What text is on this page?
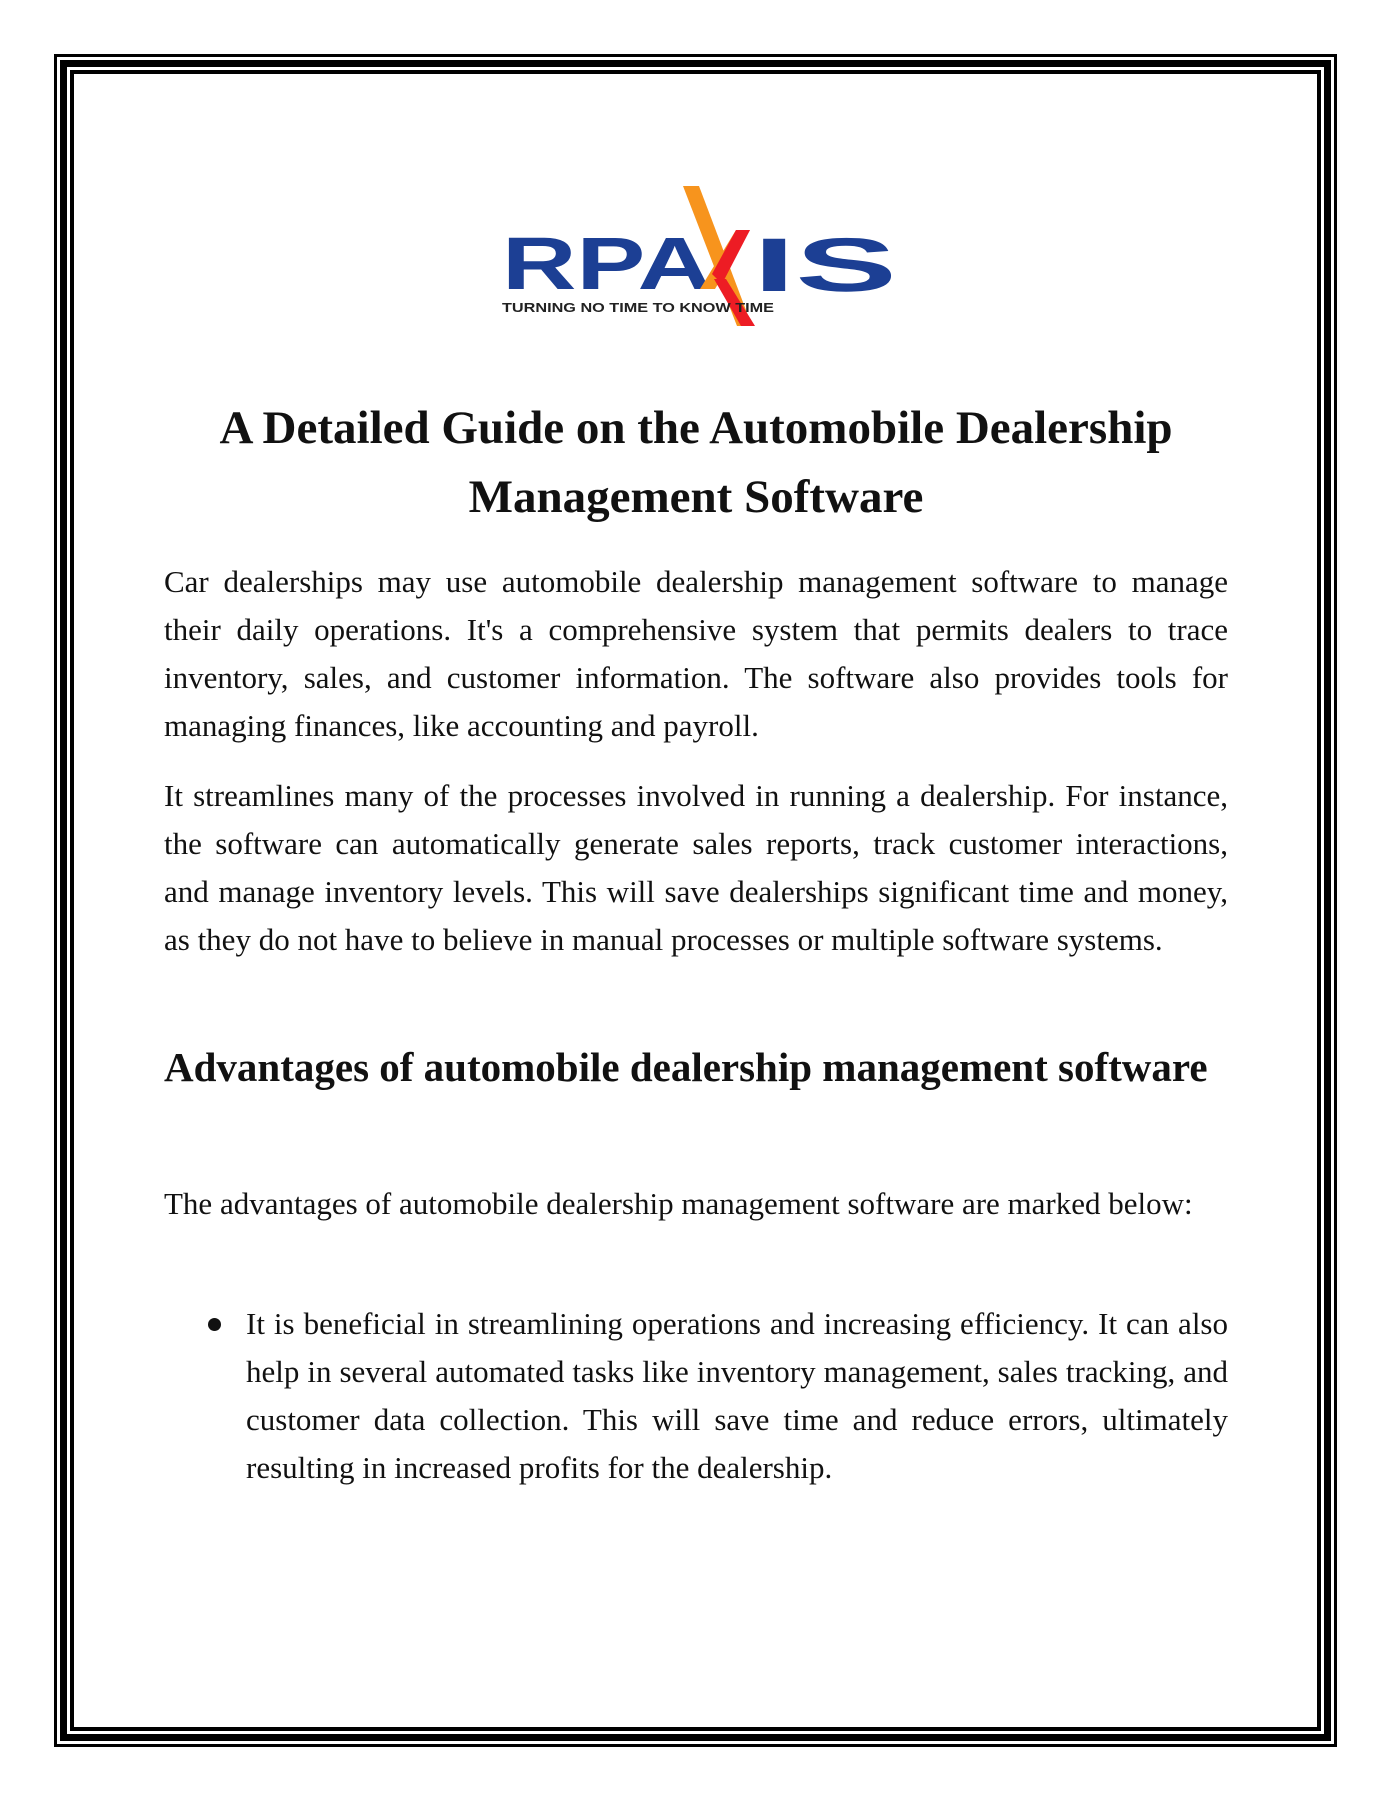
RPA IS
TURNING NO TIME TO KNOW TIME
A Detailed Guide on the Automobile Dealership Management Software

Car dealerships may use automobile dealership management software to manage their daily operations. It's a comprehensive system that permits dealers to trace inventory, sales, and customer information. The software also provides tools for managing finances, like accounting and payroll.

It streamlines many of the processes involved in running a dealership. For instance, the software can automatically generate sales reports, track customer interactions, and manage inventory levels. This will save dealerships significant time and money, as they do not have to believe in manual processes or multiple software systems.

Advantages of automobile dealership management software

The advantages of automobile dealership management software are marked below:

It is beneficial in streamlining operations and increasing efficiency. It can also help in several automated tasks like inventory management, sales tracking, and customer data collection. This will save time and reduce errors, ultimately resulting in increased profits for the dealership.
